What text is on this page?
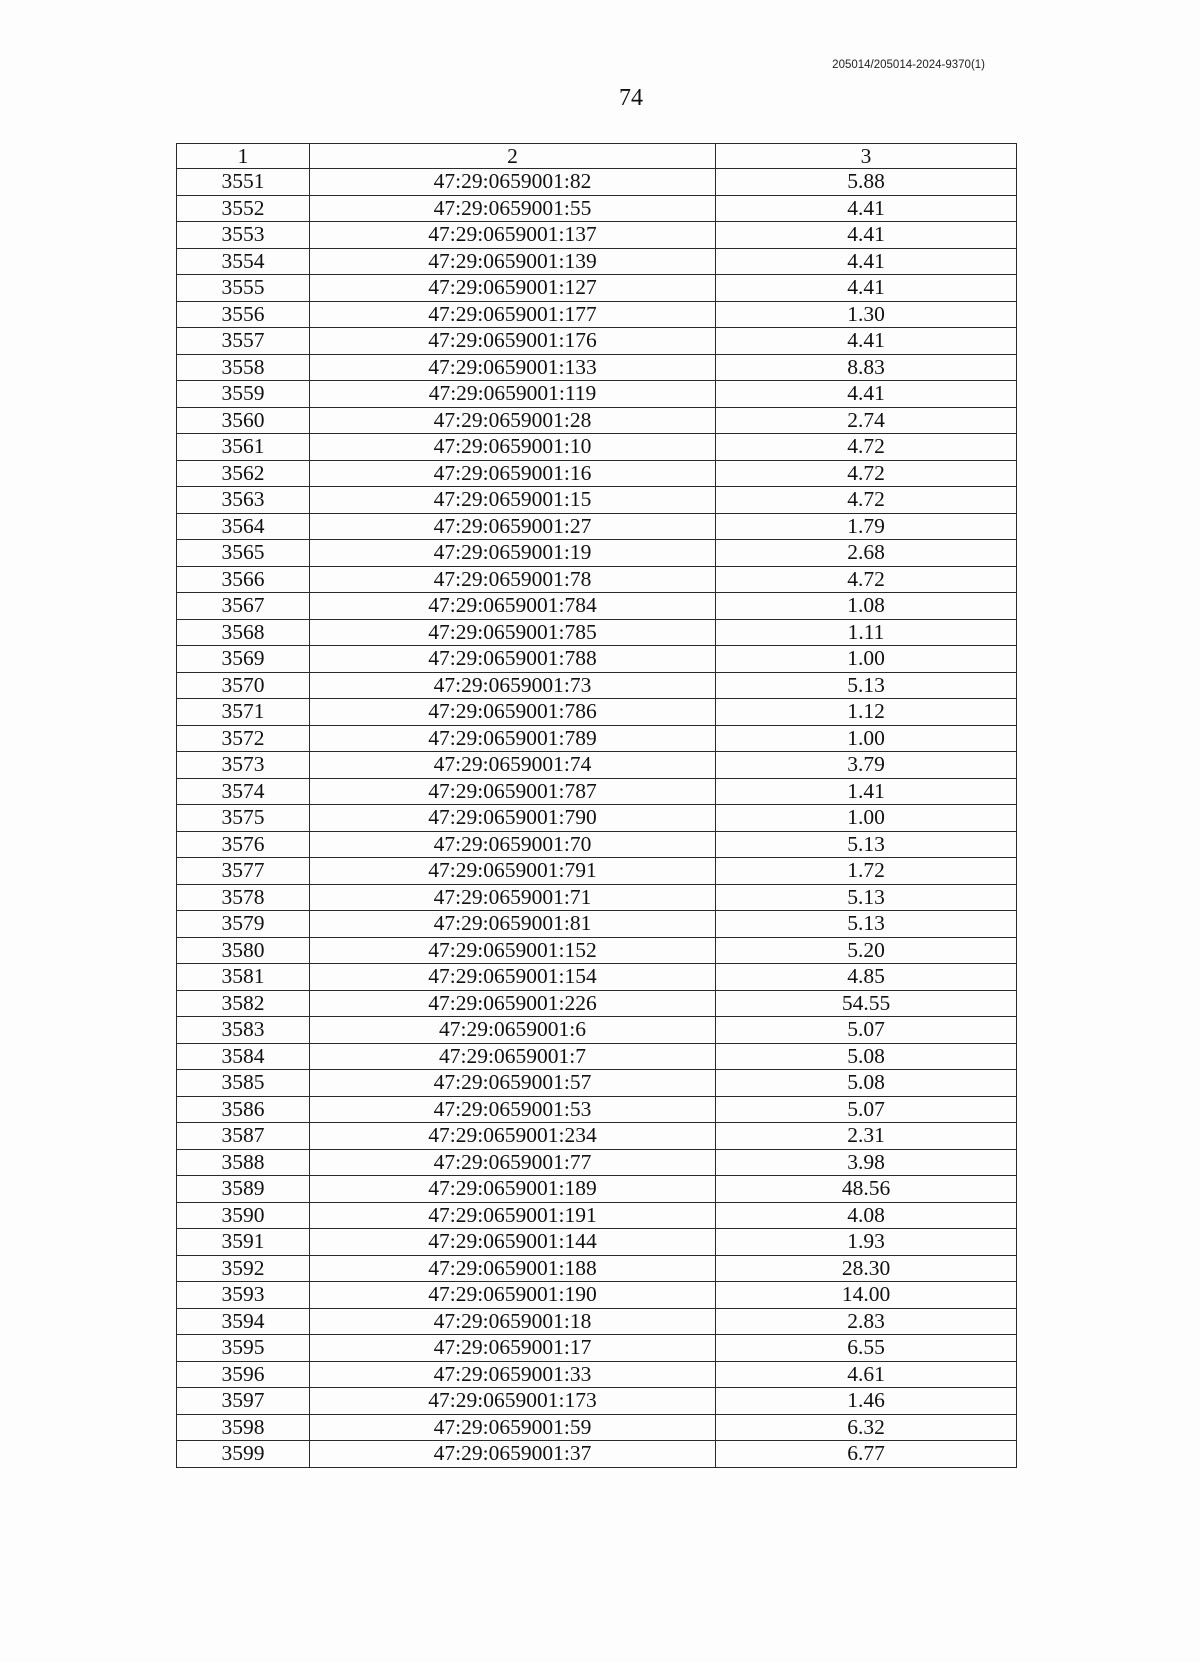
205014/205014-2024-9370(1)
74
1	2	3
3551	47:29:0659001:82	5.88
3552	47:29:0659001:55	4.41
3553	47:29:0659001:137	4.41
3554	47:29:0659001:139	4.41
3555	47:29:0659001:127	4.41
3556	47:29:0659001:177	1.30
3557	47:29:0659001:176	4.41
3558	47:29:0659001:133	8.83
3559	47:29:0659001:119	4.41
3560	47:29:0659001:28	2.74
3561	47:29:0659001:10	4.72
3562	47:29:0659001:16	4.72
3563	47:29:0659001:15	4.72
3564	47:29:0659001:27	1.79
3565	47:29:0659001:19	2.68
3566	47:29:0659001:78	4.72
3567	47:29:0659001:784	1.08
3568	47:29:0659001:785	1.11
3569	47:29:0659001:788	1.00
3570	47:29:0659001:73	5.13
3571	47:29:0659001:786	1.12
3572	47:29:0659001:789	1.00
3573	47:29:0659001:74	3.79
3574	47:29:0659001:787	1.41
3575	47:29:0659001:790	1.00
3576	47:29:0659001:70	5.13
3577	47:29:0659001:791	1.72
3578	47:29:0659001:71	5.13
3579	47:29:0659001:81	5.13
3580	47:29:0659001:152	5.20
3581	47:29:0659001:154	4.85
3582	47:29:0659001:226	54.55
3583	47:29:0659001:6	5.07
3584	47:29:0659001:7	5.08
3585	47:29:0659001:57	5.08
3586	47:29:0659001:53	5.07
3587	47:29:0659001:234	2.31
3588	47:29:0659001:77	3.98
3589	47:29:0659001:189	48.56
3590	47:29:0659001:191	4.08
3591	47:29:0659001:144	1.93
3592	47:29:0659001:188	28.30
3593	47:29:0659001:190	14.00
3594	47:29:0659001:18	2.83
3595	47:29:0659001:17	6.55
3596	47:29:0659001:33	4.61
3597	47:29:0659001:173	1.46
3598	47:29:0659001:59	6.32
3599	47:29:0659001:37	6.77
